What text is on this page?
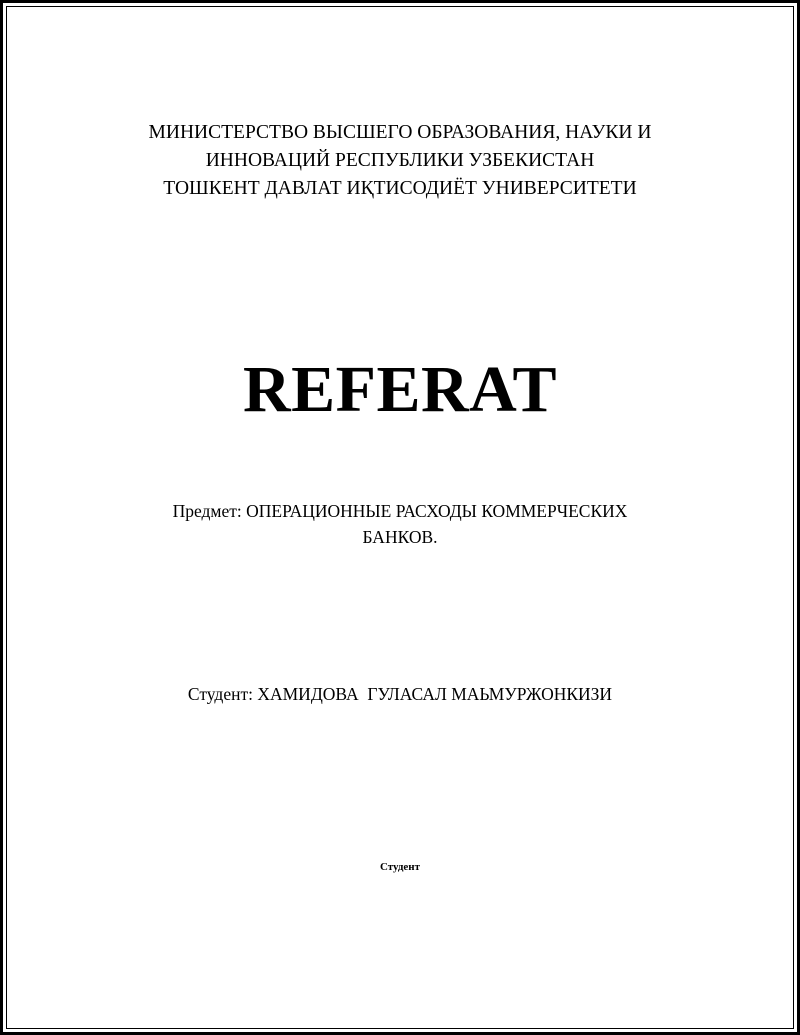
МИНИСТЕРСТВО ВЫСШЕГО ОБРАЗОВАНИЯ, НАУКИ И
ИННОВАЦИЙ РЕСПУБЛИКИ УЗБЕКИСТАН
ТОШКЕНТ ДАВЛАТ ИҚТИСОДИЁТ УНИВЕРСИТЕТИ
REFERAT
Предмет: ОПЕРАЦИОННЫЕ РАСХОДЫ КОММЕРЧЕСКИХ
БАНКОВ.
Студент: ХАМИДОВА  ГУЛАСАЛ МАЬМУРЖОНКИЗИ
Студент
